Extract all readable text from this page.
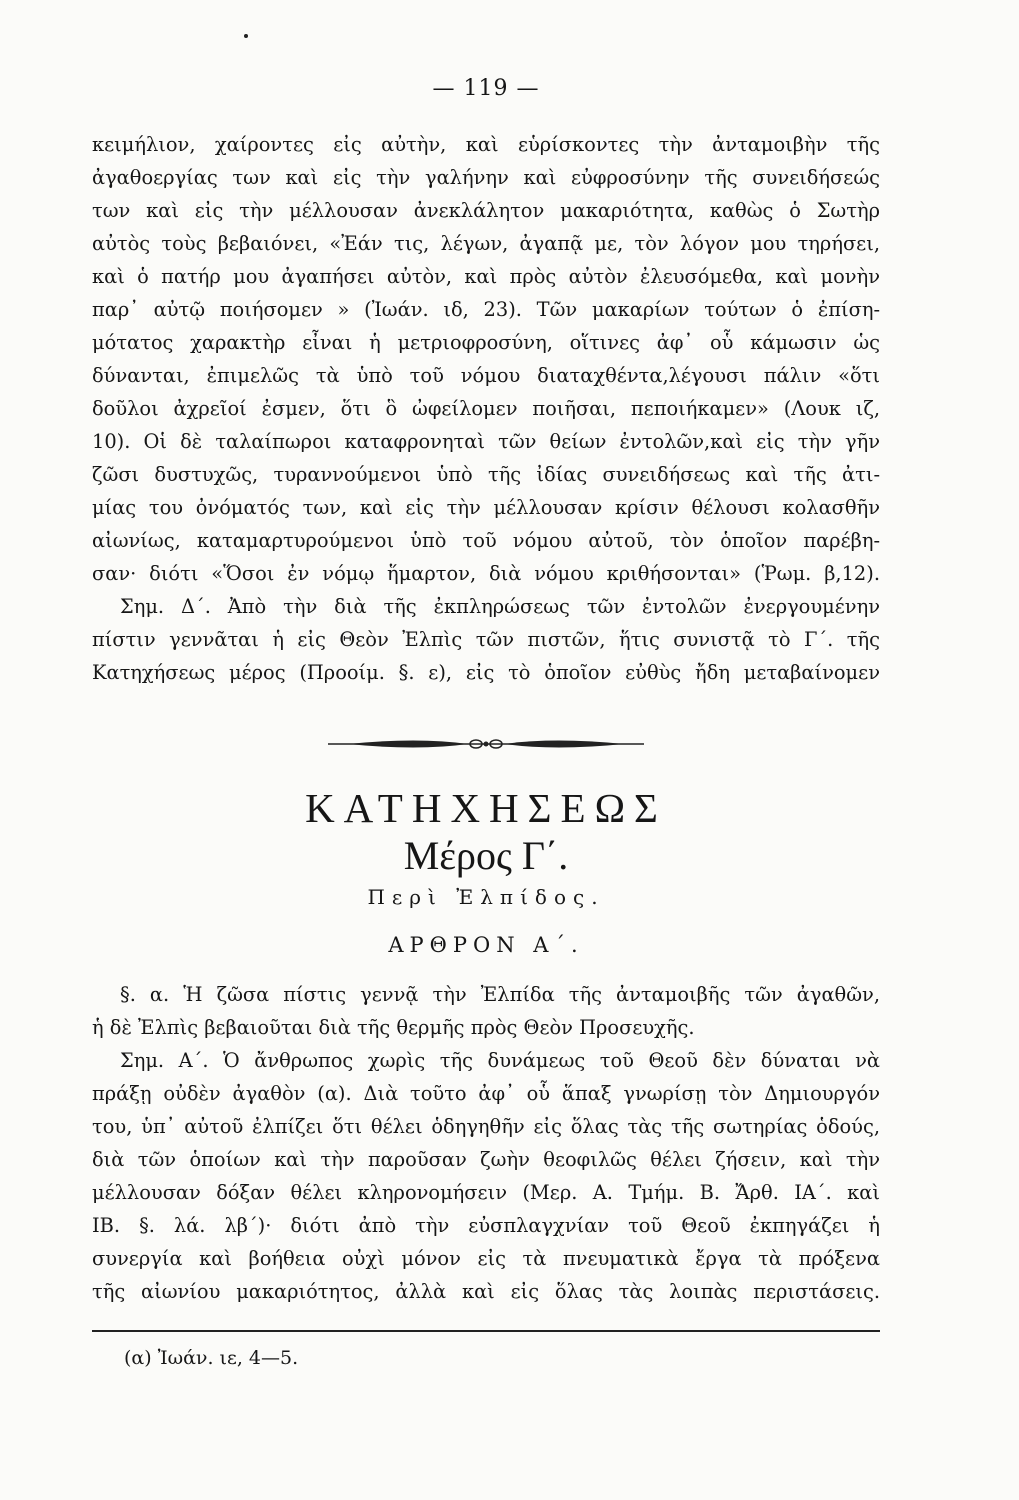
— 119 —
κειμήλιον, χαίροντες εἰς αὐτὴν, καὶ εὑρίσκοντες τὴν ἀνταμοιβὴν τῆς
ἀγαθοεργίας των καὶ εἰς τὴν γαλήνην καὶ εὐφροσύνην τῆς συνειδήσεώς
των καὶ εἰς τὴν μέλλουσαν ἀνεκλάλητον μακαριότητα, καθὼς ὁ Σωτὴρ
αὐτὸς τοὺς βεβαιόνει, «Ἐάν τις, λέγων, ἀγαπᾷ με, τὸν λόγον μου τηρήσει,
καὶ ὁ πατήρ μου ἀγαπήσει αὐτὸν, καὶ πρὸς αὐτὸν ἐλευσόμεθα, καὶ μονὴν
παρ᾽ αὐτῷ ποιήσομεν » (Ἰωάν. ιδ, 23). Τῶν μακαρίων τούτων ὁ ἐπίση-
μότατος χαρακτὴρ εἶναι ἡ μετριοφροσύνη, οἵτινες ἀφ᾽ οὗ κάμωσιν ὡς
δύνανται, ἐπιμελῶς τὰ ὑπὸ τοῦ νόμου διαταχθέντα,λέγουσι πάλιν «ὅτι
δοῦλοι ἀχρεῖοί ἐσμεν, ὅτι ὃ ὠφείλομεν ποιῆσαι, πεποιήκαμεν» (Λουκ ιζ,
10). Οἱ δὲ ταλαίπωροι καταφρονηταὶ τῶν θείων ἐντολῶν,καὶ εἰς τὴν γῆν
ζῶσι δυστυχῶς, τυραννούμενοι ὑπὸ τῆς ἰδίας συνειδήσεως καὶ τῆς ἀτι-
μίας του ὀνόματός των, καὶ εἰς τὴν μέλλουσαν κρίσιν θέλουσι κολασθῆν
αἰωνίως, καταμαρτυρούμενοι ὑπὸ τοῦ νόμου αὐτοῦ, τὸν ὁποῖον παρέβη-
σαν· διότι «Ὅσοι ἐν νόμῳ ἥμαρτον, διὰ νόμου κριθήσονται» (Ῥωμ. β,12).
Σημ. Δ΄. Ἀπὸ τὴν διὰ τῆς ἐκπληρώσεως τῶν ἐντολῶν ἐνεργουμένην
πίστιν γεννᾶται ἡ εἰς Θεὸν Ἐλπὶς τῶν πιστῶν, ἥτις συνιστᾷ τὸ Γ΄. τῆς
Κατηχήσεως μέρος (Προοίμ. §. ε), εἰς τὸ ὁποῖον εὐθὺς ἤδη μεταβαίνομεν
ΚΑΤΗΧΗΣΕΩΣ
Μέρος Γ΄.
Περὶ Ἐλπίδος.
ΑΡΘΡΟΝ Α΄.
§. α. Ἡ ζῶσα πίστις γεννᾷ τὴν Ἐλπίδα τῆς ἀνταμοιβῆς τῶν ἀγαθῶν,
ἡ δὲ Ἐλπὶς βεβαιοῦται διὰ τῆς θερμῆς πρὸς Θεὸν Προσευχῆς.
Σημ. Α΄. Ὁ ἄνθρωπος χωρὶς τῆς δυνάμεως τοῦ Θεοῦ δὲν δύναται νὰ
πράξῃ οὐδὲν ἀγαθὸν (α). Διὰ τοῦτο ἀφ᾽ οὗ ἅπαξ γνωρίσῃ τὸν Δημιουργόν
του, ὑπ᾽ αὐτοῦ ἐλπίζει ὅτι θέλει ὁδηγηθῆν εἰς ὅλας τὰς τῆς σωτηρίας ὁδούς,
διὰ τῶν ὁποίων καὶ τὴν παροῦσαν ζωὴν θεοφιλῶς θέλει ζήσειν, καὶ τὴν
μέλλουσαν δόξαν θέλει κληρονομήσειν (Μερ. Α. Τμήμ. Β. Ἄρθ. ΙΑ΄. καὶ
ΙΒ. §. λά. λβ΄)· διότι ἀπὸ τὴν εὐσπλαγχνίαν τοῦ Θεοῦ ἐκπηγάζει ἡ
συνεργία καὶ βοήθεια οὐχὶ μόνον εἰς τὰ πνευματικὰ ἔργα τὰ πρόξενα
τῆς αἰωνίου μακαριότητος, ἀλλὰ καὶ εἰς ὅλας τὰς λοιπὰς περιστάσεις.
(α) Ἰωάν. ιε, 4—5.
